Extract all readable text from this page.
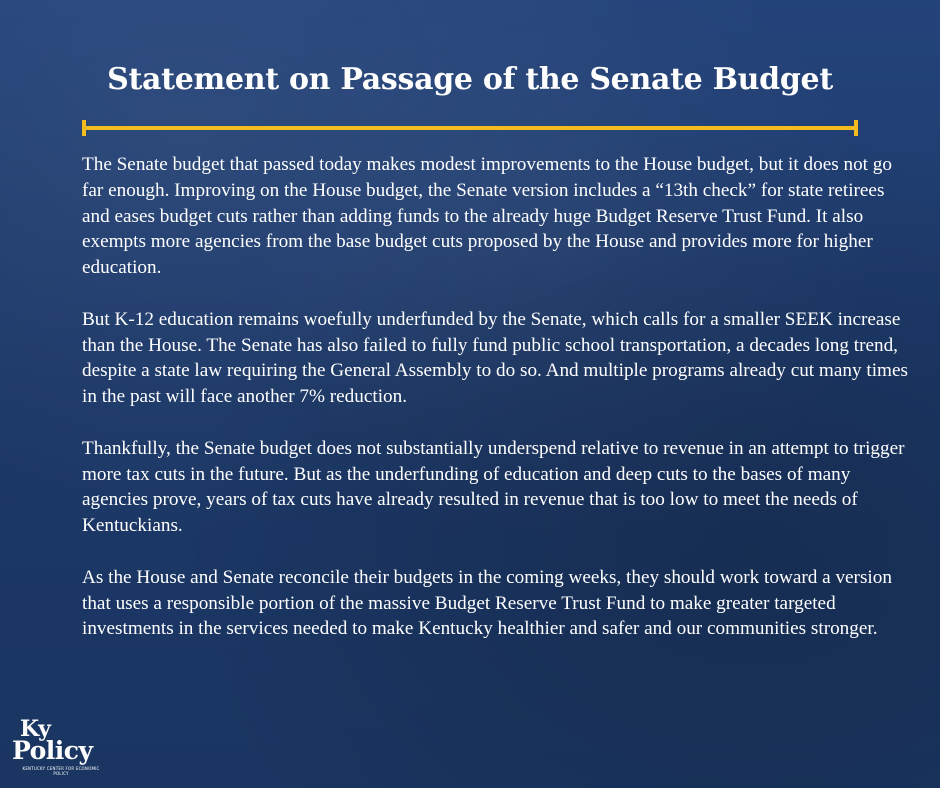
Statement on Passage of the Senate Budget

The Senate budget that passed today makes modest improvements to the House budget, but it does not go far enough. Improving on the House budget, the Senate version includes a “13th check” for state retirees and eases budget cuts rather than adding funds to the already huge Budget Reserve Trust Fund. It also exempts more agencies from the base budget cuts proposed by the House and provides more for higher education.

But K-12 education remains woefully underfunded by the Senate, which calls for a smaller SEEK increase than the House. The Senate has also failed to fully fund public school transportation, a decades long trend, despite a state law requiring the General Assembly to do so. And multiple programs already cut many times in the past will face another 7% reduction.

Thankfully, the Senate budget does not substantially underspend relative to revenue in an attempt to trigger more tax cuts in the future. But as the underfunding of education and deep cuts to the bases of many agencies prove, years of tax cuts have already resulted in revenue that is too low to meet the needs of Kentuckians.

As the House and Senate reconcile their budgets in the coming weeks, they should work toward a version that uses a responsible portion of the massive Budget Reserve Trust Fund to make greater targeted investments in the services needed to make Kentucky healthier and safer and our communities stronger.

Ky
Policy
KENTUCKY CENTER FOR ECONOMIC POLICY
